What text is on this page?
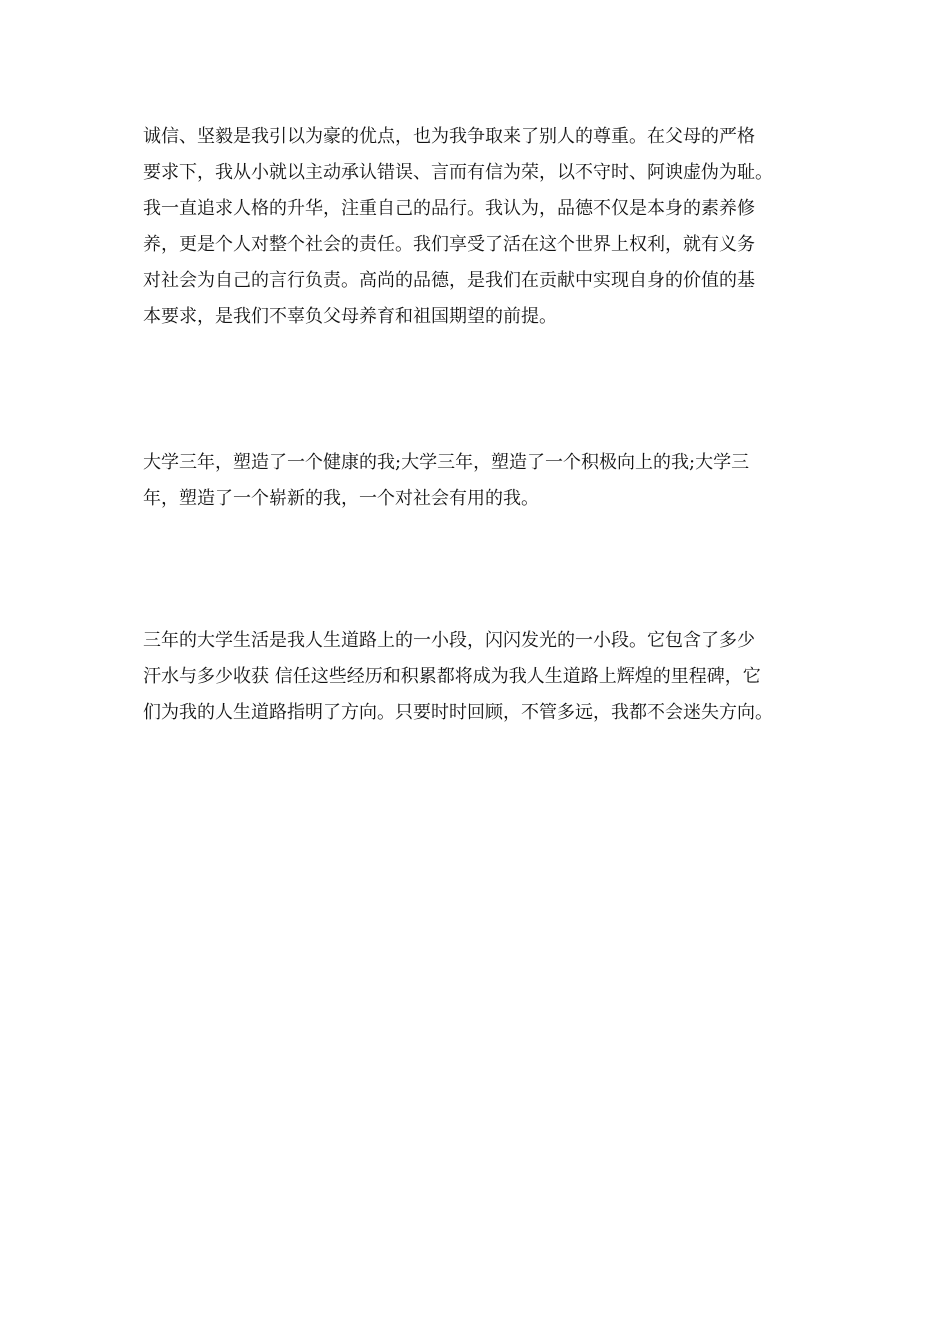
诚信、坚毅是我引以为豪的优点，也为我争取来了别人的尊重。在父母的严格
要求下，我从小就以主动承认错误、言而有信为荣，以不守时、阿谀虚伪为耻。
我一直追求人格的升华，注重自己的品行。我认为，品德不仅是本身的素养修
养，更是个人对整个社会的责任。我们享受了活在这个世界上权利，就有义务
对社会为自己的言行负责。高尚的品德，是我们在贡献中实现自身的价值的基
本要求，是我们不辜负父母养育和祖国期望的前提。

大学三年，塑造了一个健康的我;大学三年，塑造了一个积极向上的我;大学三
年，塑造了一个崭新的我，一个对社会有用的我。

三年的大学生活是我人生道路上的一小段，闪闪发光的一小段。它包含了多少
汗水与多少收获 信任这些经历和积累都将成为我人生道路上辉煌的里程碑，它
们为我的人生道路指明了方向。只要时时回顾，不管多远，我都不会迷失方向。
